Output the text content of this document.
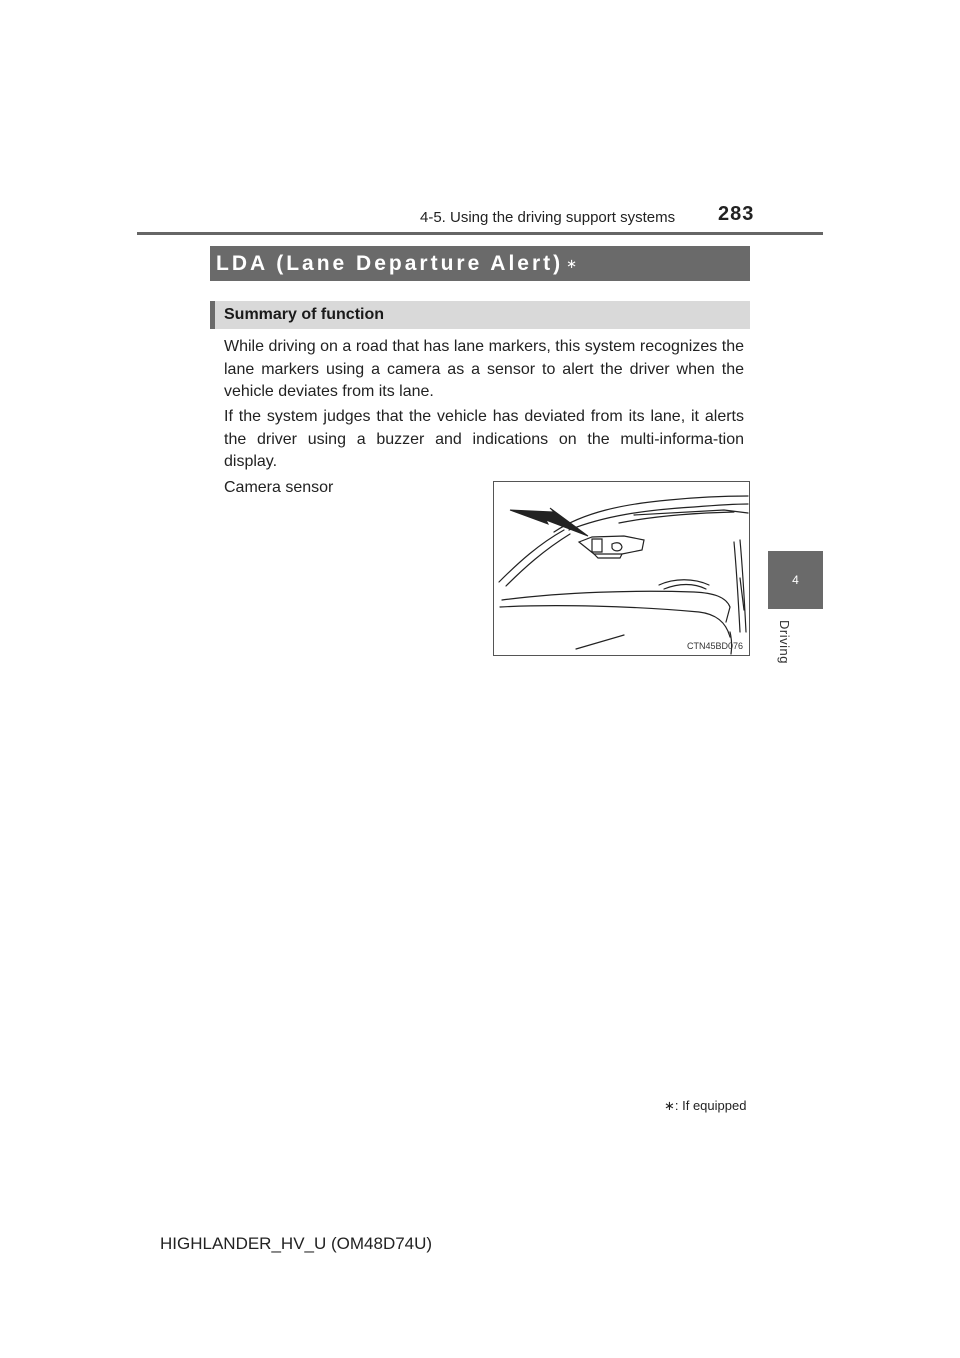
4-5. Using the driving support systems 283
4
Driving
LDA (Lane Departure Alert) ∗
Summary of function
While driving on a road that has lane markers, this system recognizes the lane markers using a camera as a sensor to alert the driver when the vehicle deviates from its lane.
If the system judges that the vehicle has deviated from its lane, it alerts the driver using a buzzer and indications on the multi-informa-tion display.
Camera sensor
CTN45BD076
∗: If equipped
HIGHLANDER_HV_U (OM48D74U)
